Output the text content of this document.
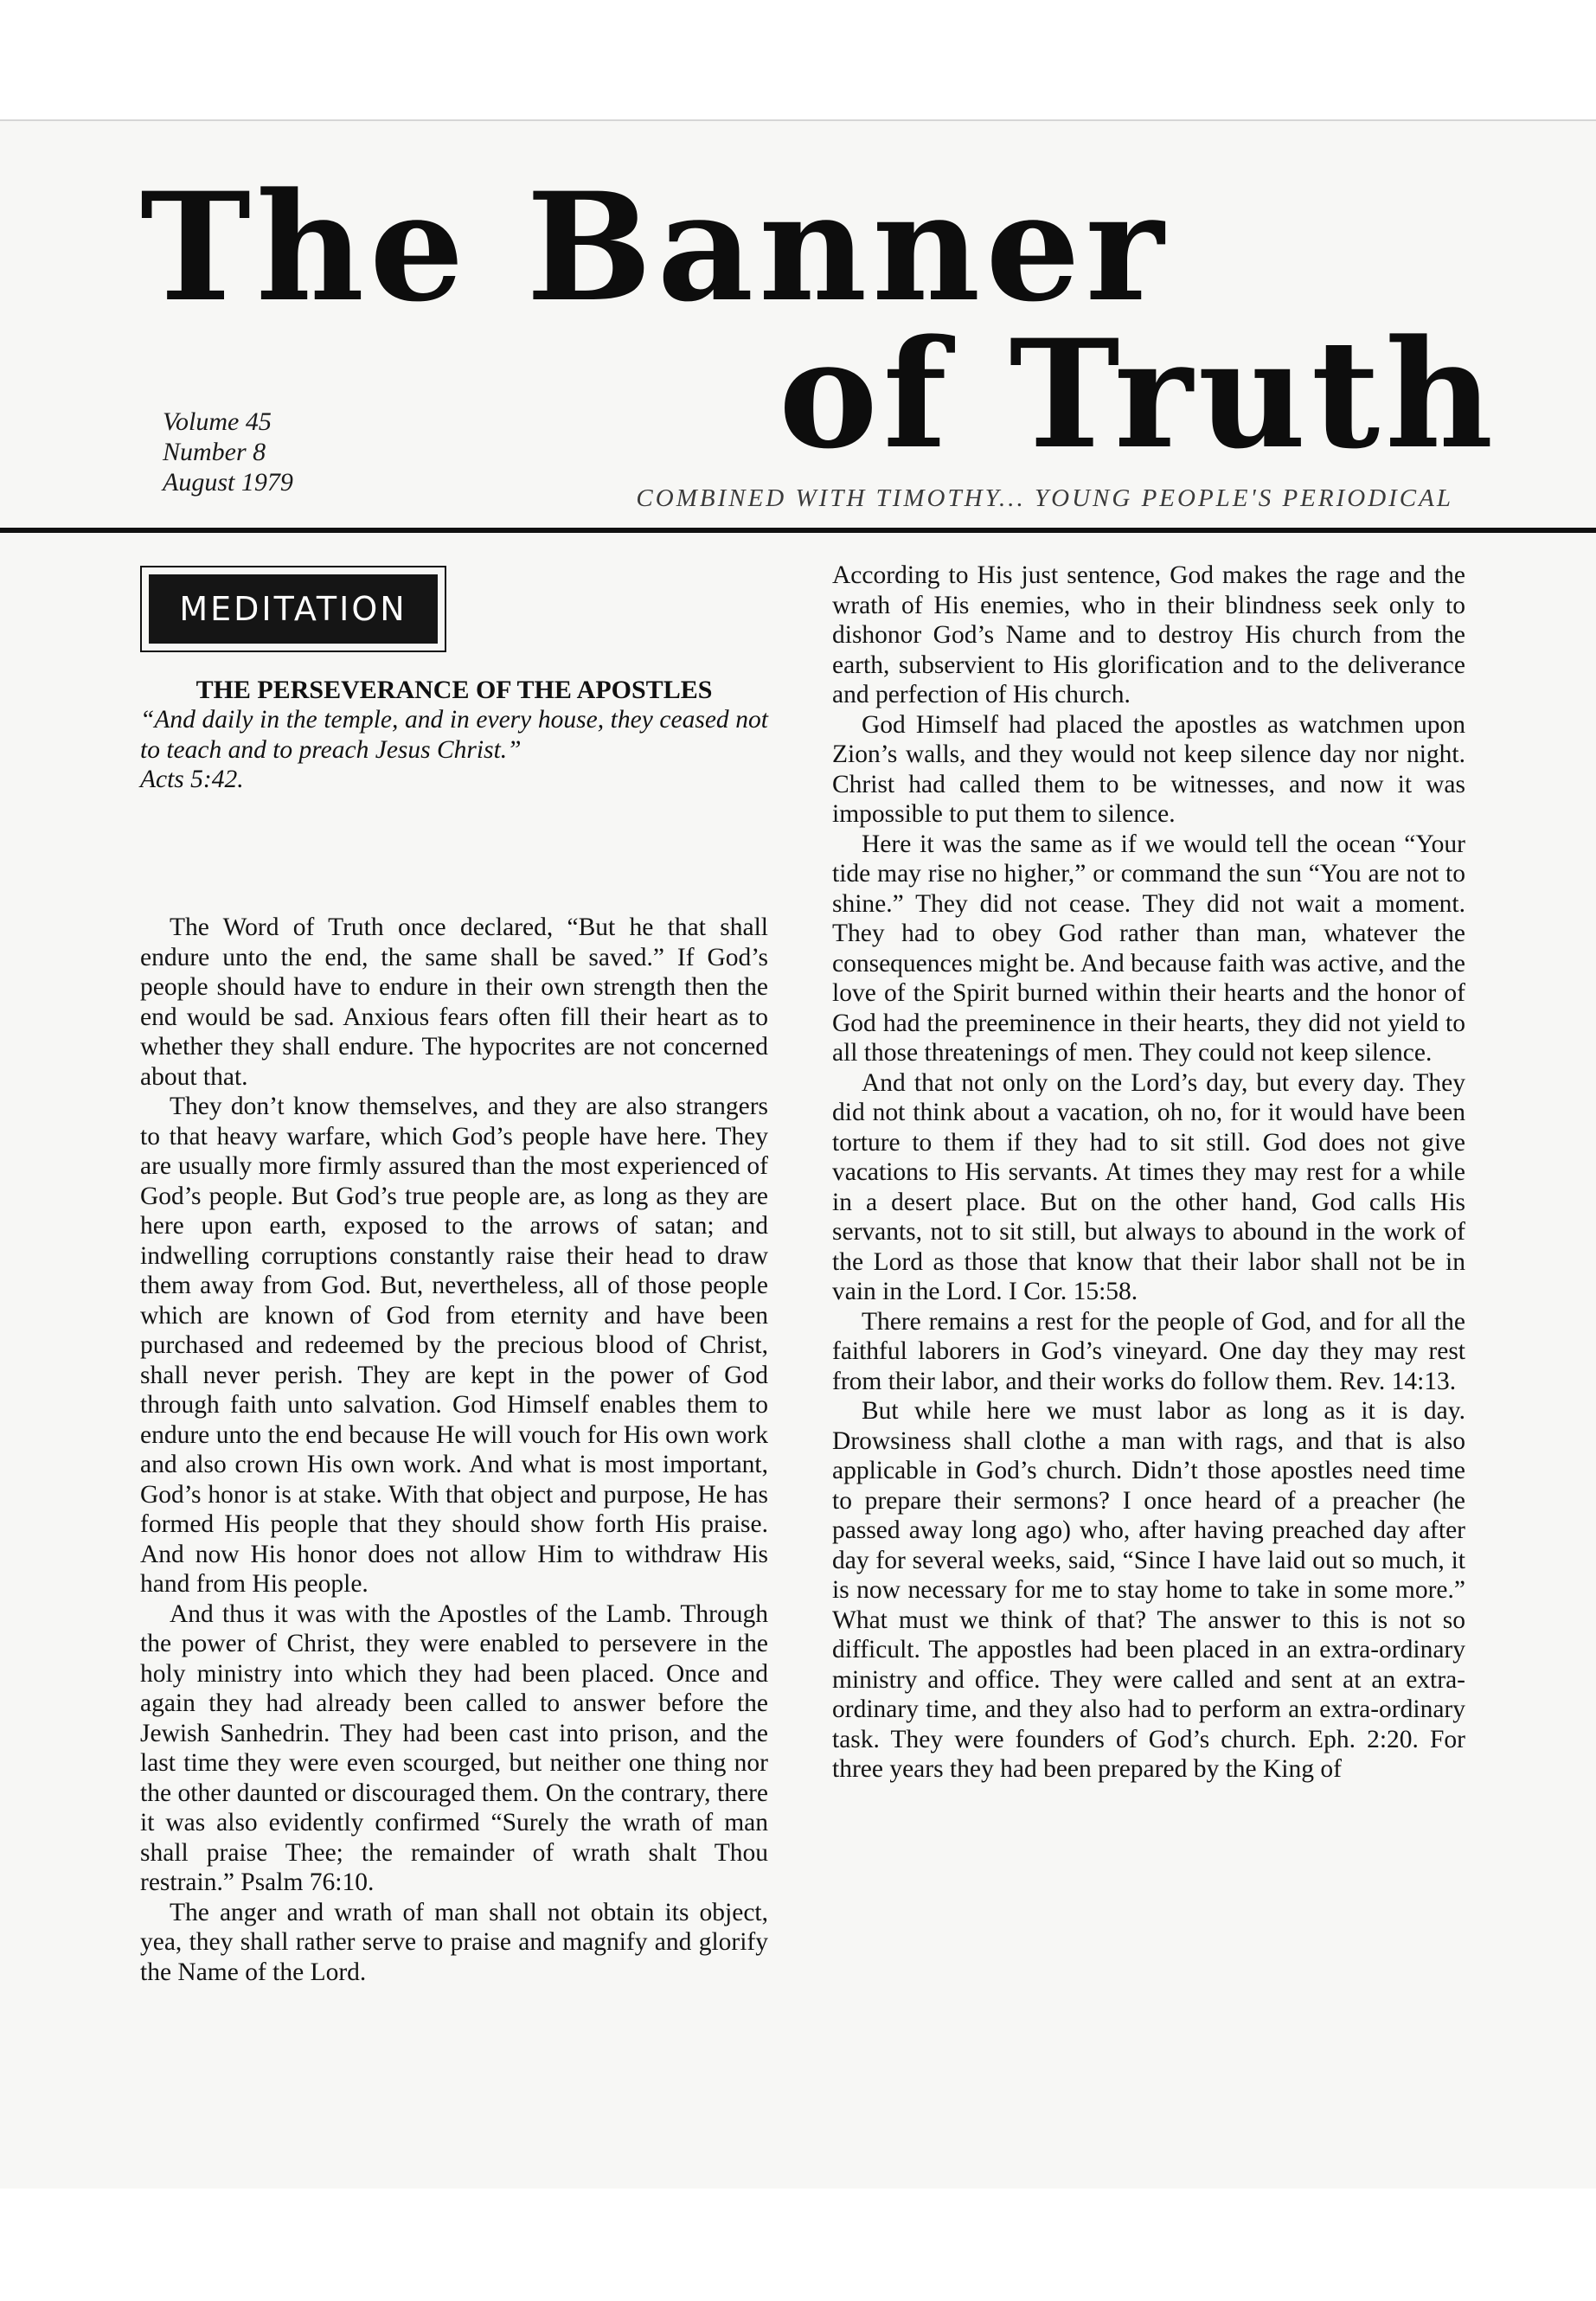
The Banner
of Truth
Volume 45
Number 8
August 1979
COMBINED WITH TIMOTHY... YOUNG PEOPLE'S PERIODICAL
MEDITATION
THE PERSEVERANCE OF THE APOSTLES
“And daily in the temple, and in every house, they ceased not to teach and to preach Jesus Christ.”
Acts 5:42.

The Word of Truth once declared, “But he that shall endure unto the end, the same shall be saved.” If God’s people should have to endure in their own strength then the end would be sad. Anxious fears often fill their heart as to whether they shall endure. The hypocrites are not concerned about that.

They don’t know themselves, and they are also strangers to that heavy warfare, which God’s people have here. They are usually more firmly assured than the most experienced of God’s people. But God’s true people are, as long as they are here upon earth, exposed to the arrows of satan; and indwelling corruptions constantly raise their head to draw them away from God. But, nevertheless, all of those people which are known of God from eternity and have been purchased and redeemed by the precious blood of Christ, shall never perish. They are kept in the power of God through faith unto salvation. God Himself enables them to endure unto the end because He will vouch for His own work and also crown His own work. And what is most important, God’s honor is at stake. With that object and purpose, He has formed His people that they should show forth His praise. And now His honor does not allow Him to withdraw His hand from His people.

And thus it was with the Apostles of the Lamb. Through the power of Christ, they were enabled to persevere in the holy ministry into which they had been placed. Once and again they had already been called to answer before the Jewish Sanhedrin. They had been cast into prison, and the last time they were even scourged, but neither one thing nor the other daunted or discouraged them. On the contrary, there it was also evidently confirmed “Surely the wrath of man shall praise Thee; the remainder of wrath shalt Thou restrain.” Psalm 76:10.

The anger and wrath of man shall not obtain its object, yea, they shall rather serve to praise and magnify and glorify the Name of the Lord.

According to His just sentence, God makes the rage and the wrath of His enemies, who in their blindness seek only to dishonor God’s Name and to destroy His church from the earth, subservient to His glorification and to the deliverance and perfection of His church.

God Himself had placed the apostles as watchmen upon Zion’s walls, and they would not keep silence day nor night. Christ had called them to be witnesses, and now it was impossible to put them to silence.

Here it was the same as if we would tell the ocean “Your tide may rise no higher,” or command the sun “You are not to shine.” They did not cease. They did not wait a moment. They had to obey God rather than man, whatever the consequences might be. And because faith was active, and the love of the Spirit burned within their hearts and the honor of God had the preeminence in their hearts, they did not yield to all those threatenings of men. They could not keep silence.

And that not only on the Lord’s day, but every day. They did not think about a vacation, oh no, for it would have been torture to them if they had to sit still. God does not give vacations to His servants. At times they may rest for a while in a desert place. But on the other hand, God calls His servants, not to sit still, but always to abound in the work of the Lord as those that know that their labor shall not be in vain in the Lord. I Cor. 15:58.

There remains a rest for the people of God, and for all the faithful laborers in God’s vineyard. One day they may rest from their labor, and their works do follow them. Rev. 14:13.

But while here we must labor as long as it is day. Drowsiness shall clothe a man with rags, and that is also applicable in God’s church. Didn’t those apostles need time to prepare their sermons? I once heard of a preacher (he passed away long ago) who, after having preached day after day for several weeks, said, “Since I have laid out so much, it is now necessary for me to stay home to take in some more.” What must we think of that? The answer to this is not so difficult. The appostles had been placed in an extra-ordinary ministry and office. They were called and sent at an extra-ordinary time, and they also had to perform an extra-ordinary task. They were founders of God’s church. Eph. 2:20. For three years they had been prepared by the King of
